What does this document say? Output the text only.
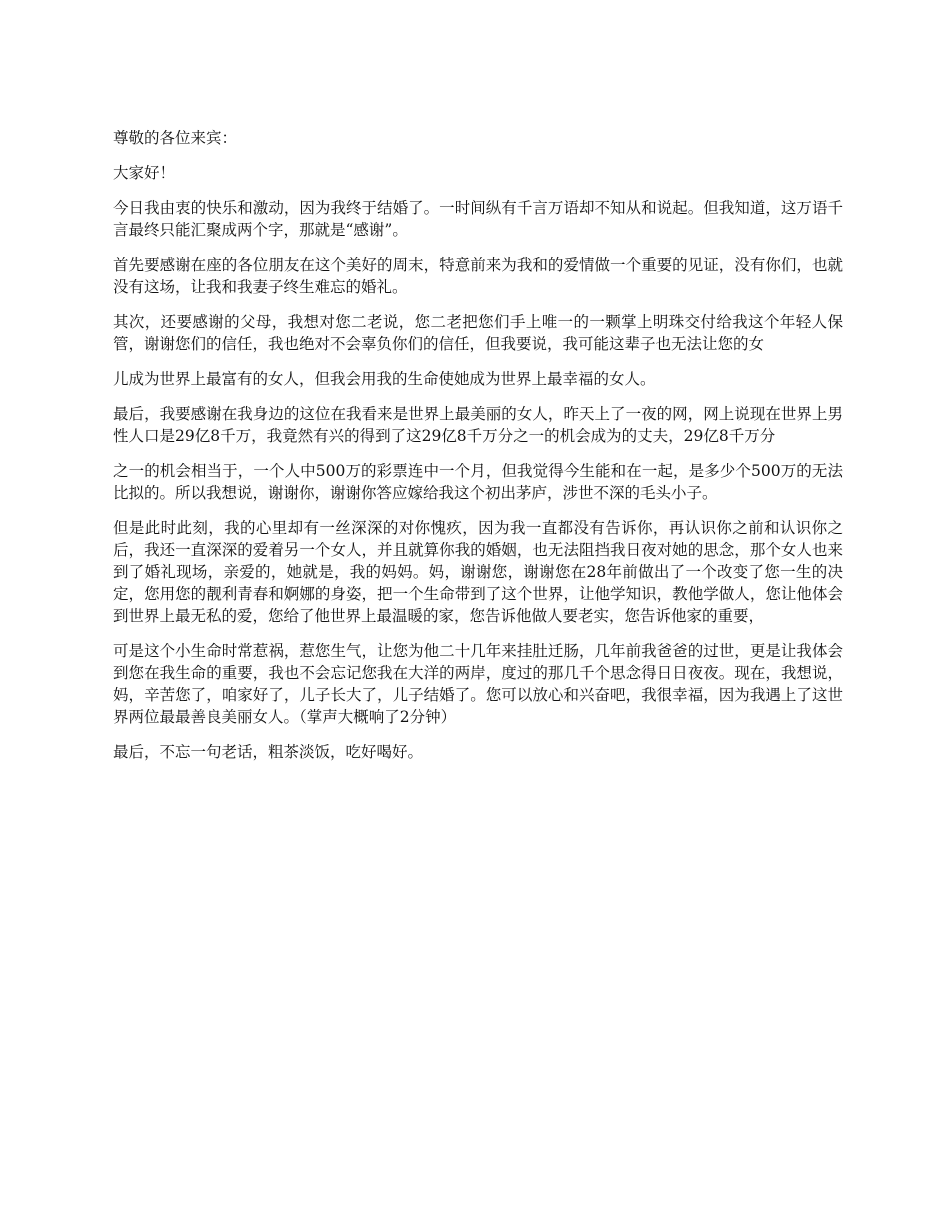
尊敬的各位来宾：

大家好！

今日我由衷的快乐和激动，因为我终于结婚了。一时间纵有千言万语却不知从和说起。但我知道，这万语千言最终只能汇聚成两个字，那就是“感谢”。

首先要感谢在座的各位朋友在这个美好的周末，特意前来为我和的爱情做一个重要的见证，没有你们，也就没有这场，让我和我妻子终生难忘的婚礼。

其次，还要感谢的父母，我想对您二老说，您二老把您们手上唯一的一颗掌上明珠交付给我这个年轻人保管，谢谢您们的信任，我也绝对不会辜负你们的信任，但我要说，我可能这辈子也无法让您的女

儿成为世界上最富有的女人，但我会用我的生命使她成为世界上最幸福的女人。

最后，我要感谢在我身边的这位在我看来是世界上最美丽的女人，昨天上了一夜的网，网上说现在世界上男性人口是29亿8千万，我竟然有兴的得到了这29亿8千万分之一的机会成为的丈夫，29亿8千万分

之一的机会相当于，一个人中500万的彩票连中一个月，但我觉得今生能和在一起，是多少个500万的无法比拟的。所以我想说，谢谢你，谢谢你答应嫁给我这个初出茅庐，涉世不深的毛头小子。

但是此时此刻，我的心里却有一丝深深的对你愧疚，因为我一直都没有告诉你，再认识你之前和认识你之后，我还一直深深的爱着另一个女人，并且就算你我的婚姻，也无法阻挡我日夜对她的思念，那个女人也来到了婚礼现场，亲爱的，她就是，我的妈妈。妈，谢谢您，谢谢您在28年前做出了一个改变了您一生的决定，您用您的靓利青春和婀娜的身姿，把一个生命带到了这个世界，让他学知识，教他学做人，您让他体会到世界上最无私的爱，您给了他世界上最温暖的家，您告诉他做人要老实，您告诉他家的重要，

可是这个小生命时常惹祸，惹您生气，让您为他二十几年来挂肚迁肠，几年前我爸爸的过世，更是让我体会到您在我生命的重要，我也不会忘记您我在大洋的两岸，度过的那几千个思念得日日夜夜。现在，我想说，妈，辛苦您了，咱家好了，儿子长大了，儿子结婚了。您可以放心和兴奋吧，我很幸福，因为我遇上了这世界两位最最善良美丽女人。（掌声大概响了2分钟）

最后，不忘一句老话，粗茶淡饭，吃好喝好。
